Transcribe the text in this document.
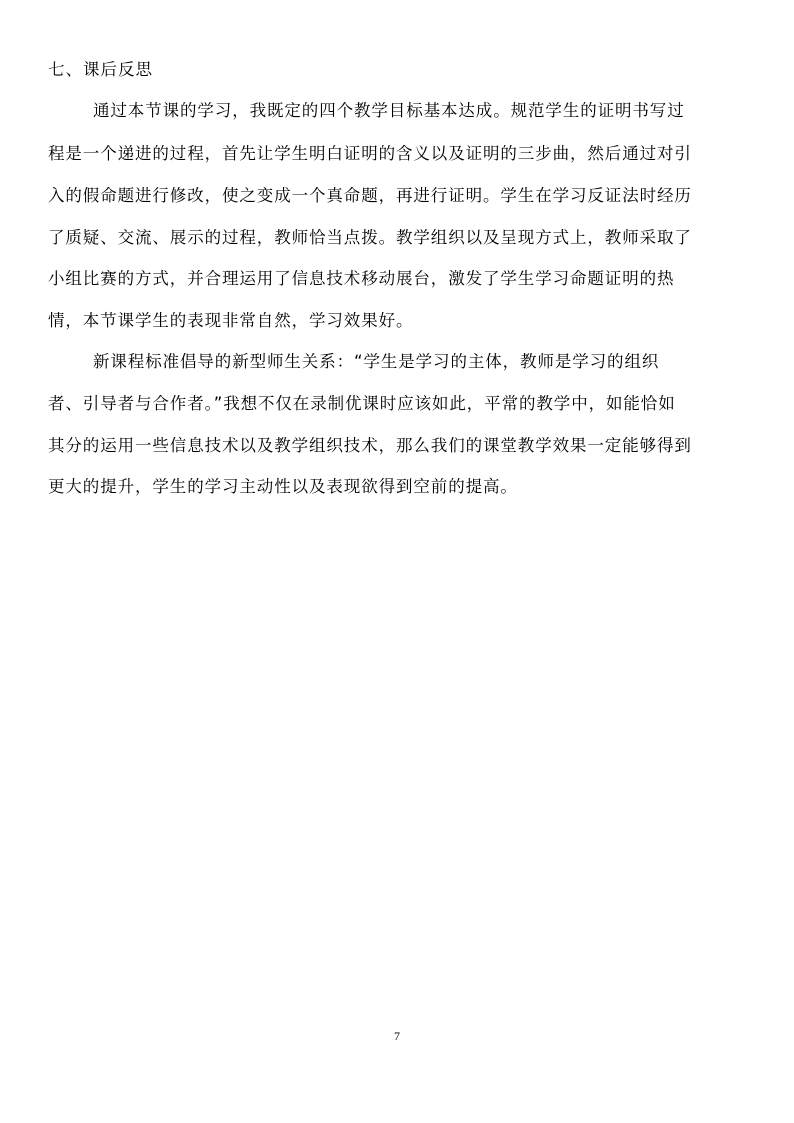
七、课后反思
通过本节课的学习，我既定的四个教学目标基本达成。规范学生的证明书写过
程是一个递进的过程，首先让学生明白证明的含义以及证明的三步曲，然后通过对引
入的假命题进行修改，使之变成一个真命题，再进行证明。学生在学习反证法时经历
了质疑、交流、展示的过程，教师恰当点拨。教学组织以及呈现方式上，教师采取了
小组比赛的方式，并合理运用了信息技术移动展台，激发了学生学习命题证明的热
情，本节课学生的表现非常自然，学习效果好。
新课程标准倡导的新型师生关系：“学生是学习的主体，教师是学习的组织
者、引导者与合作者。”我想不仅在录制优课时应该如此，平常的教学中，如能恰如
其分的运用一些信息技术以及教学组织技术，那么我们的课堂教学效果一定能够得到
更大的提升，学生的学习主动性以及表现欲得到空前的提高。
7
